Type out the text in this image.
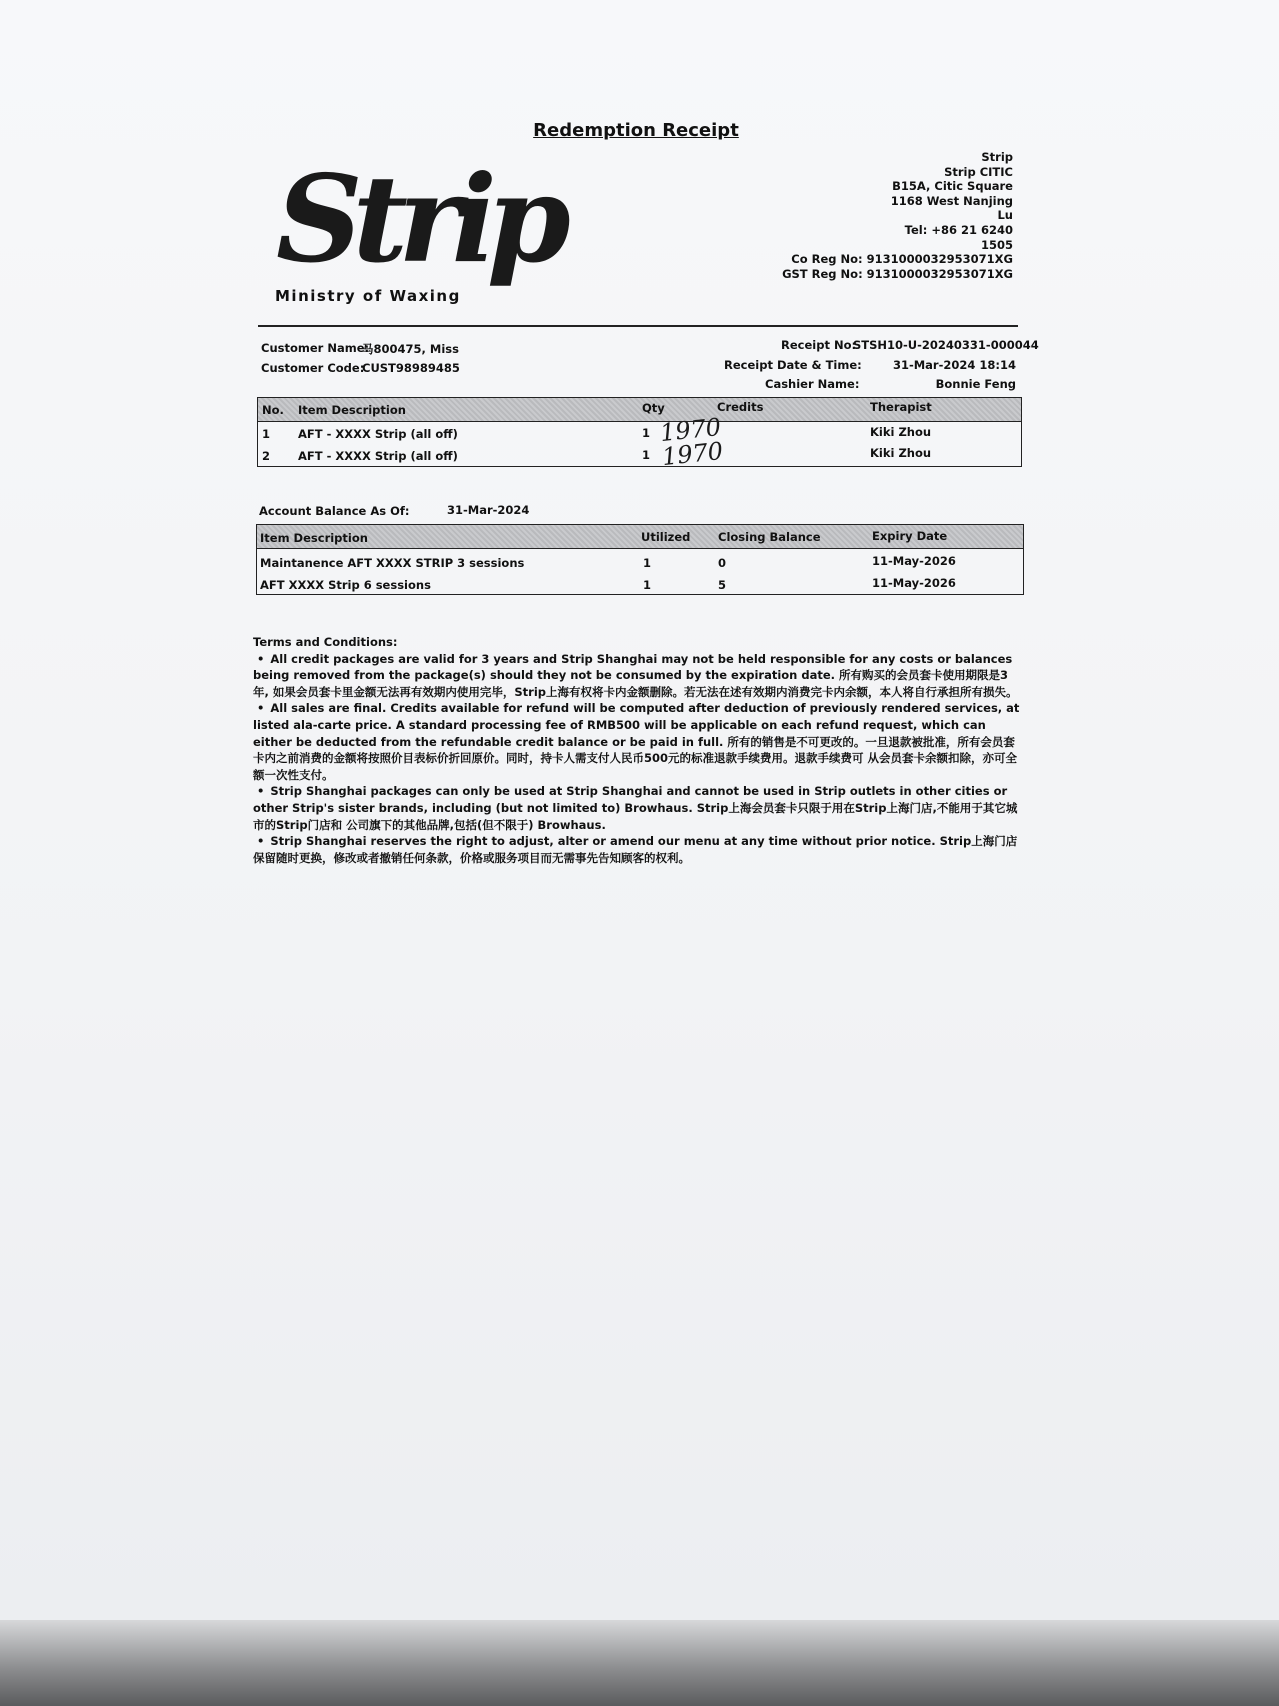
Redemption Receipt
Strip
Ministry of Waxing
Strip
Strip CITIC
B15A, Citic Square
1168 West Nanjing
Lu
Tel: +86 21 6240
1505
Co Reg No: 9131000032953071XG
GST Reg No: 9131000032953071XG
Customer Name:
马800475, Miss
Customer Code:
CUST98989485
Receipt No:
STSH10-U-20240331-000044
Receipt Date & Time:	31-Mar-2024 18:14
Cashier Name:	Bonnie Feng
No. Item Description	Qty	Credits	Therapist
1 AFT - XXXX Strip (all off)	1 1970	Kiki Zhou
2 AFT - XXXX Strip (all off)	1 1970	Kiki Zhou
Account Balance As Of:	31-Mar-2024
Item Description	Utilized Closing Balance	Expiry Date
Maintanence AFT XXXX STRIP 3 sessions	1	0	11-May-2026
AFT XXXX Strip 6 sessions	1	5	11-May-2026

Terms and Conditions:

• All credit packages are valid for 3 years and Strip Shanghai may not be held responsible for any costs or balances being removed from the package(s) should they not be consumed by the expiration date. 所有购买的会员套卡使用期限是3年, 如果会员套卡里金额无法再有效期内使用完毕，Strip上海有权将卡内金额删除。若无法在述有效期内消费完卡内余额，本人将自行承担所有损失。

• All sales are final. Credits available for refund will be computed after deduction of previously rendered services, at listed ala-carte price. A standard processing fee of RMB500 will be applicable on each refund request, which can either be deducted from the refundable credit balance or be paid in full. 所有的销售是不可更改的。一旦退款被批准，所有会员套卡内之前消费的金额将按照价目表标价折回原价。同时，持卡人需支付人民币500元的标准退款手续费用。退款手续费可 从会员套卡余额扣除，亦可全额一次性支付。

• Strip Shanghai packages can only be used at Strip Shanghai and cannot be used in Strip outlets in other cities or other Strip's sister brands, including (but not limited to) Browhaus. Strip上海会员套卡只限于用在Strip上海门店,不能用于其它城市的Strip门店和 公司旗下的其他品牌,包括(但不限于) Browhaus.

• Strip Shanghai reserves the right to adjust, alter or amend our menu at any time without prior notice. Strip上海门店保留随时更换，修改或者撤销任何条款，价格或服务项目而无需事先告知顾客的权利。
